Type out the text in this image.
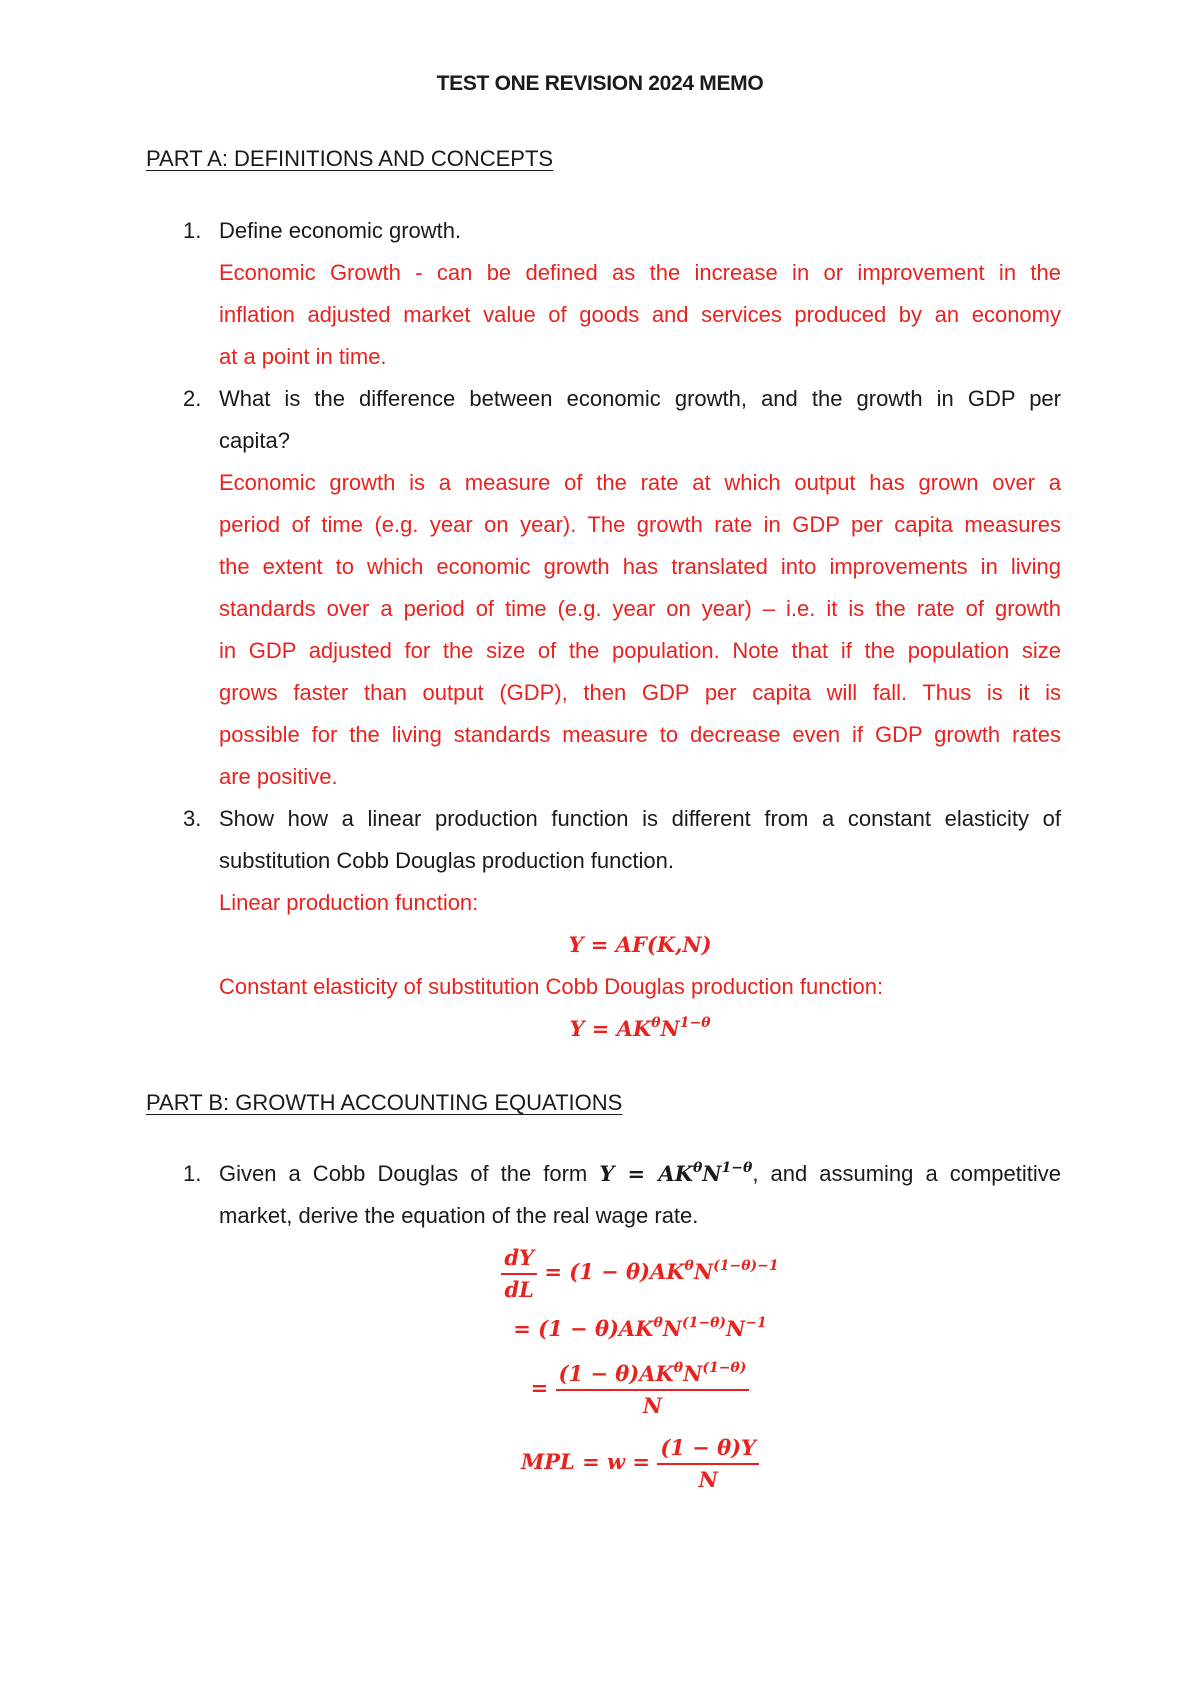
TEST ONE REVISION 2024 MEMO
PART A: DEFINITIONS AND CONCEPTS
1. Define economic growth.
Economic Growth - can be defined as the increase in or improvement in the
inflation adjusted market value of goods and services produced by an economy
at a point in time.
2. What is the difference between economic growth, and the growth in GDP per
capita?
Economic growth is a measure of the rate at which output has grown over a
period of time (e.g. year on year). The growth rate in GDP per capita measures
the extent to which economic growth has translated into improvements in living
standards over a period of time (e.g. year on year) – i.e. it is the rate of growth
in GDP adjusted for the size of the population. Note that if the population size
grows faster than output (GDP), then GDP per capita will fall. Thus is it is
possible for the living standards measure to decrease even if GDP growth rates
are positive.
3. Show how a linear production function is different from a constant elasticity of
substitution Cobb Douglas production function.
Linear production function:
Y = AF(K,N)
Constant elasticity of substitution Cobb Douglas production function:
$Y = AK^\theta N^{1-\theta}$
PART B: GROWTH ACCOUNTING EQUATIONS
1. Given a Cobb Douglas of the form $Y = AK^\theta N^{1-\theta}$, and assuming a competitive
market, derive the equation of the real wage rate.
$\frac{dY}{dL} = (1 - \theta)AK^\theta N^{(1-\theta)-1}$
= $(1 - \theta)AK^\theta N^{(1-\theta)}N^{-1}$
= $\frac{(1 - \theta)AK^\theta N^{(1-\theta)}}{N}$
MPL = $w = \frac{(1 - \theta)Y}{N}$
